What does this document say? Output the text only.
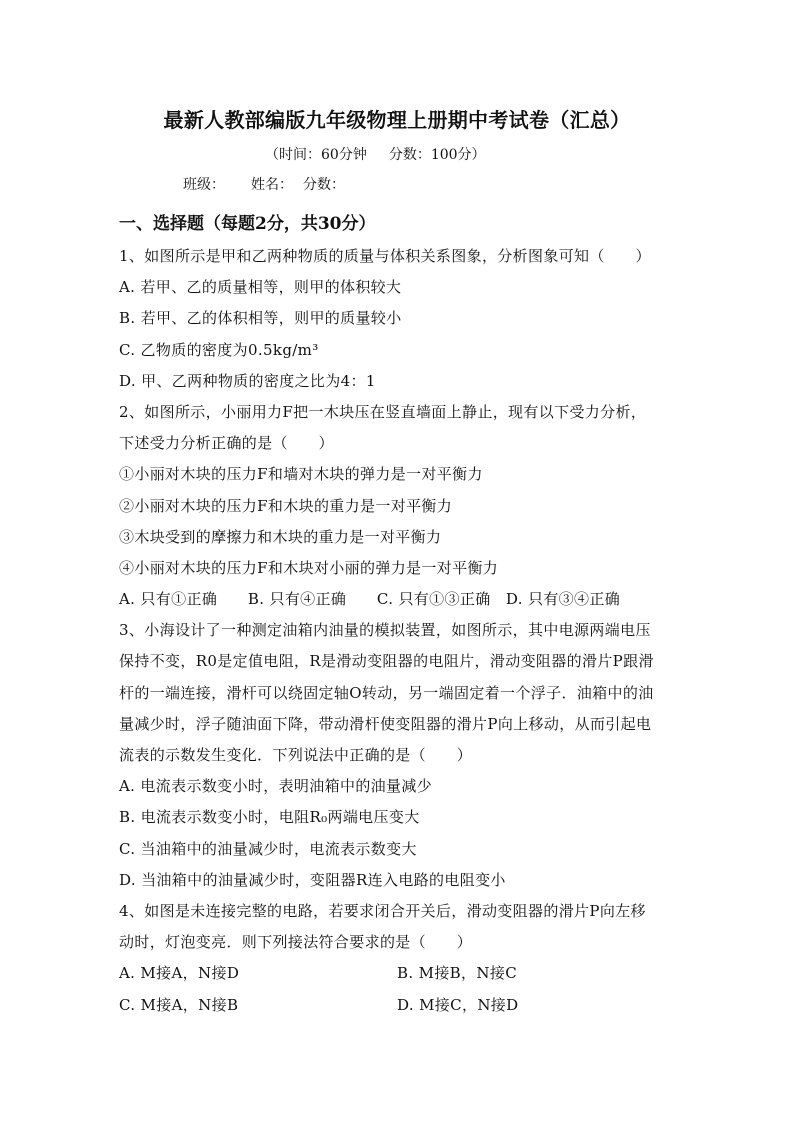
最新人教部编版九年级物理上册期中考试卷（汇总）
（时间：60分钟 分数：100分）
班级： 姓名： 分数：
一、选择题（每题2分，共30分）
1、如图所示是甲和乙两种物质的质量与体积关系图象，分析图象可知（　　）
A. 若甲、乙的质量相等，则甲的体积较大
B. 若甲、乙的体积相等，则甲的质量较小
C. 乙物质的密度为0.5kg/m³
D. 甲、乙两种物质的密度之比为4：1
2、如图所示，小丽用力F把一木块压在竖直墙面上静止，现有以下受力分析，
下述受力分析正确的是（　　）
①小丽对木块的压力F和墙对木块的弹力是一对平衡力
②小丽对木块的压力F和木块的重力是一对平衡力
③木块受到的摩擦力和木块的重力是一对平衡力
④小丽对木块的压力F和木块对小丽的弹力是一对平衡力
A. 只有①正确　　B. 只有④正确　　C. 只有①③正确　D. 只有③④正确
3、小海设计了一种测定油箱内油量的模拟装置，如图所示，其中电源两端电压
保持不变，R0是定值电阻，R是滑动变阻器的电阻片，滑动变阻器的滑片P跟滑
杆的一端连接，滑杆可以绕固定轴O转动，另一端固定着一个浮子．油箱中的油
量减少时，浮子随油面下降，带动滑杆使变阻器的滑片P向上移动，从而引起电
流表的示数发生变化．下列说法中正确的是（　　）
A. 电流表示数变小时，表明油箱中的油量减少
B. 电流表示数变小时，电阻R₀两端电压变大
C. 当油箱中的油量减少时，电流表示数变大
D. 当油箱中的油量减少时，变阻器R连入电路的电阻变小
4、如图是未连接完整的电路，若要求闭合开关后，滑动变阻器的滑片P向左移
动时，灯泡变亮．则下列接法符合要求的是（　　）
A. M接A，N接D	B. M接B，N接C
C. M接A，N接B	D. M接C，N接D
